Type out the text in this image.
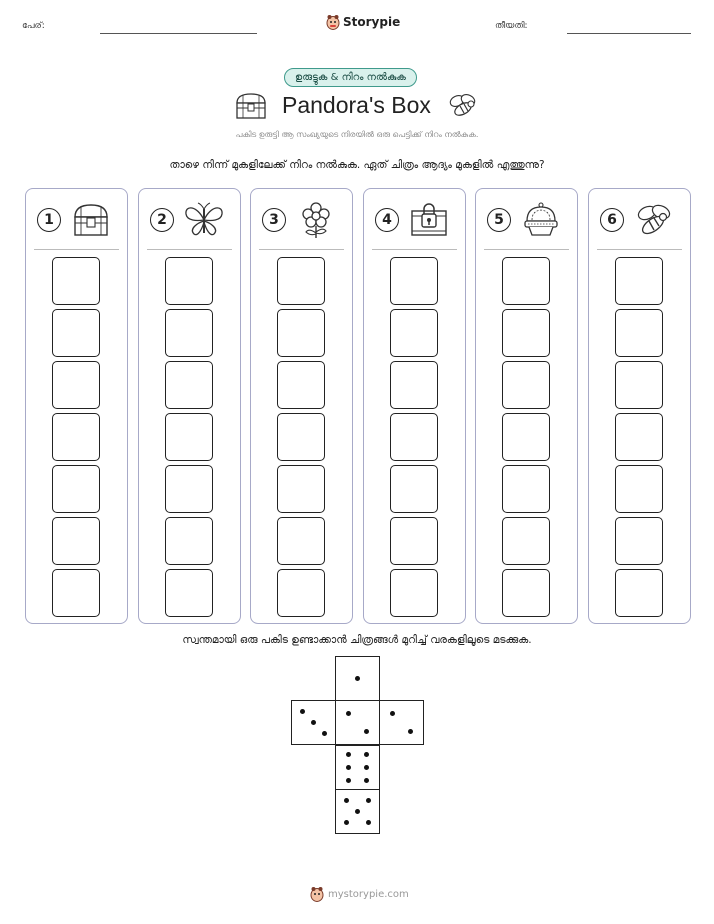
പേര്:	Storypie	തീയതി:
ഉരുട്ടുക & നിറം നൽകുക
Pandora's Box
പകിട ഉരുട്ടി ആ സംഖ്യയുടെ നിരയിൽ ഒരു പെട്ടിക്ക് നിറം നൽകുക.
താഴെ നിന്ന് മുകളിലേക്ക് നിറം നൽകുക. ഏത് ചിത്രം ആദ്യം മുകളിൽ എത്തുന്നു?
1	2	3	4	5	6
സ്വന്തമായി ഒരു പകിട ഉണ്ടാക്കാൻ ചിത്രങ്ങൾ മുറിച്ച് വരകളിലൂടെ മടക്കുക.
mystorypie.com
